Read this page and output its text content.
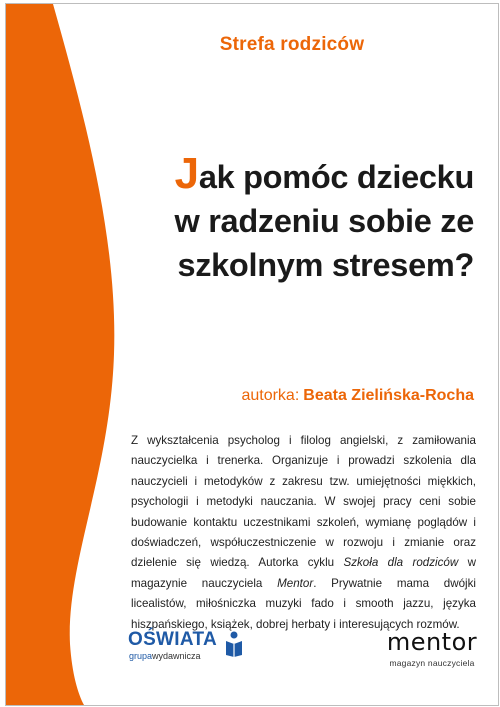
Strefa rodziców
Jak pomóc dziecku
w radzeniu sobie ze
szkolnym stresem?
autorka: Beata Zielińska-Rocha

Z wykształcenia psycholog i filolog angielski, z zamiłowania nauczycielka i trenerka. Organizuje i prowadzi szkolenia dla nauczycieli i metodyków z zakresu tzw. umiejętności miękkich, psychologii i metodyki nauczania. W swojej pracy ceni sobie budowanie kontaktu uczestnikami szkoleń, wymianę poglądów i doświadczeń, współuczestniczenie w rozwoju i zmianie oraz dzielenie się wiedzą. Autorka cyklu Szkoła dla rodziców w magazynie nauczyciela Mentor. Prywatnie mama dwójki licealistów, miłośniczka muzyki fado i smooth jazzu, języka hiszpańskiego, książek, dobrej herbaty i interesujących rozmów.

OŚWIATA
grupawydawnicza	mentor
magazyn nauczyciela
